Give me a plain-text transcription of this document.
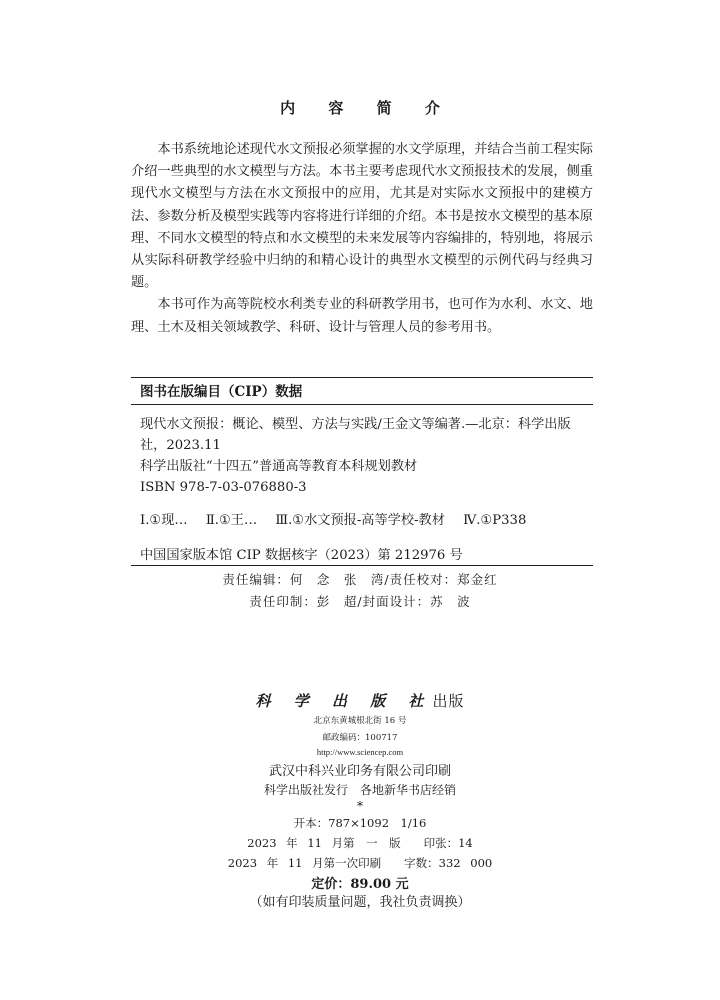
内 容 简 介

本书系统地论述现代水文预报必须掌握的水文学原理，并结合当前工程实际介绍一些典型的水文模型与方法。本书主要考虑现代水文预报技术的发展，侧重现代水文模型与方法在水文预报中的应用，尤其是对实际水文预报中的建模方法、参数分析及模型实践等内容将进行详细的介绍。本书是按水文模型的基本原理、不同水文模型的特点和水文模型的未来发展等内容编排的，特别地，将展示从实际科研教学经验中归纳的和精心设计的典型水文模型的示例代码与经典习题。

本书可作为高等院校水利类专业的科研教学用书，也可作为水利、水文、地理、土木及相关领域教学、科研、设计与管理人员的参考用书。

图书在版编目（CIP）数据

现代水文预报：概论、模型、方法与实践/王金文等编著.—北京：科学出版社，2023.11

科学出版社“十四五”普通高等教育本科规划教材

ISBN 978-7-03-076880-3

Ⅰ.①现… Ⅱ.①王… Ⅲ.①水文预报-高等学校-教材 Ⅳ.①P338
中国国家版本馆 CIP 数据核字（2023）第 212976 号
责任编辑：何　念　张　湾/责任校对：郑金红
责任印制：彭　超/封面设计：苏　波
科 学 出 版 社出版
北京东黄城根北街 16 号
邮政编码：100717
http://www.sciencep.com
武汉中科兴业印务有限公司印刷
科学出版社发行　各地新华书店经销
*
开本：787×1092　1/16
2023 年 11 月第　一　版　　印张：14
2023 年 11 月第一次印刷　　字数：332 000
定价：89.00 元
（如有印装质量问题，我社负责调换）
